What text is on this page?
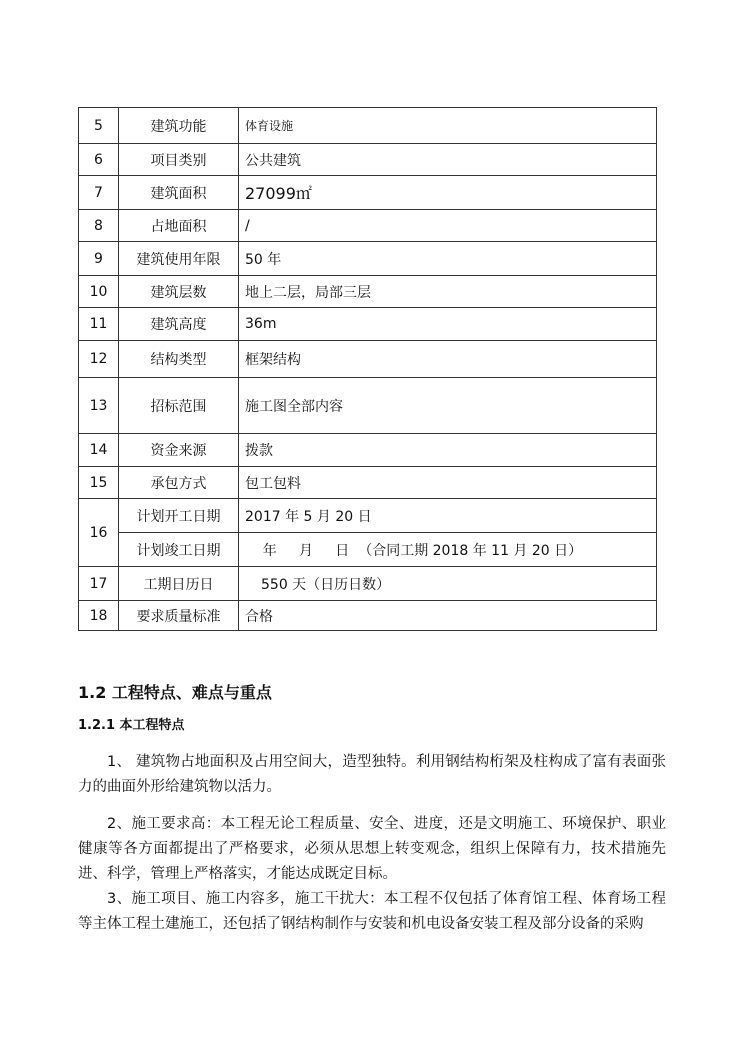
5	建筑功能	体育设施
6	项目类别	公共建筑
7	建筑面积	27099㎡
8	占地面积	/
9	建筑使用年限	50 年
10	建筑层数	地上二层，局部三层
11	建筑高度	36m
12	结构类型	框架结构
13	招标范围	施工图全部内容
14	资金来源	拨款
15	承包方式	包工包料
16	计划开工日期	2017 年 5 月 20 日
	计划竣工日期	年     月     日  （合同工期 2018 年 11 月 20 日）
17	工期日历日	550 天（日历日数）
18	要求质量标准	合格
1.2 工程特点、难点与重点
1.2.1 本工程特点

1、 建筑物占地面积及占用空间大，造型独特。利用钢结构桁架及柱构成了富有表面张力的曲面外形给建筑物以活力。

2、施工要求高：本工程无论工程质量、安全、进度，还是文明施工、环境保护、职业健康等各方面都提出了严格要求，必须从思想上转变观念，组织上保障有力，技术措施先进、科学，管理上严格落实，才能达成既定目标。

3、施工项目、施工内容多，施工干扰大：本工程不仅包括了体育馆工程、体育场工程等主体工程土建施工，还包括了钢结构制作与安装和机电设备安装工程及部分设备的采购
